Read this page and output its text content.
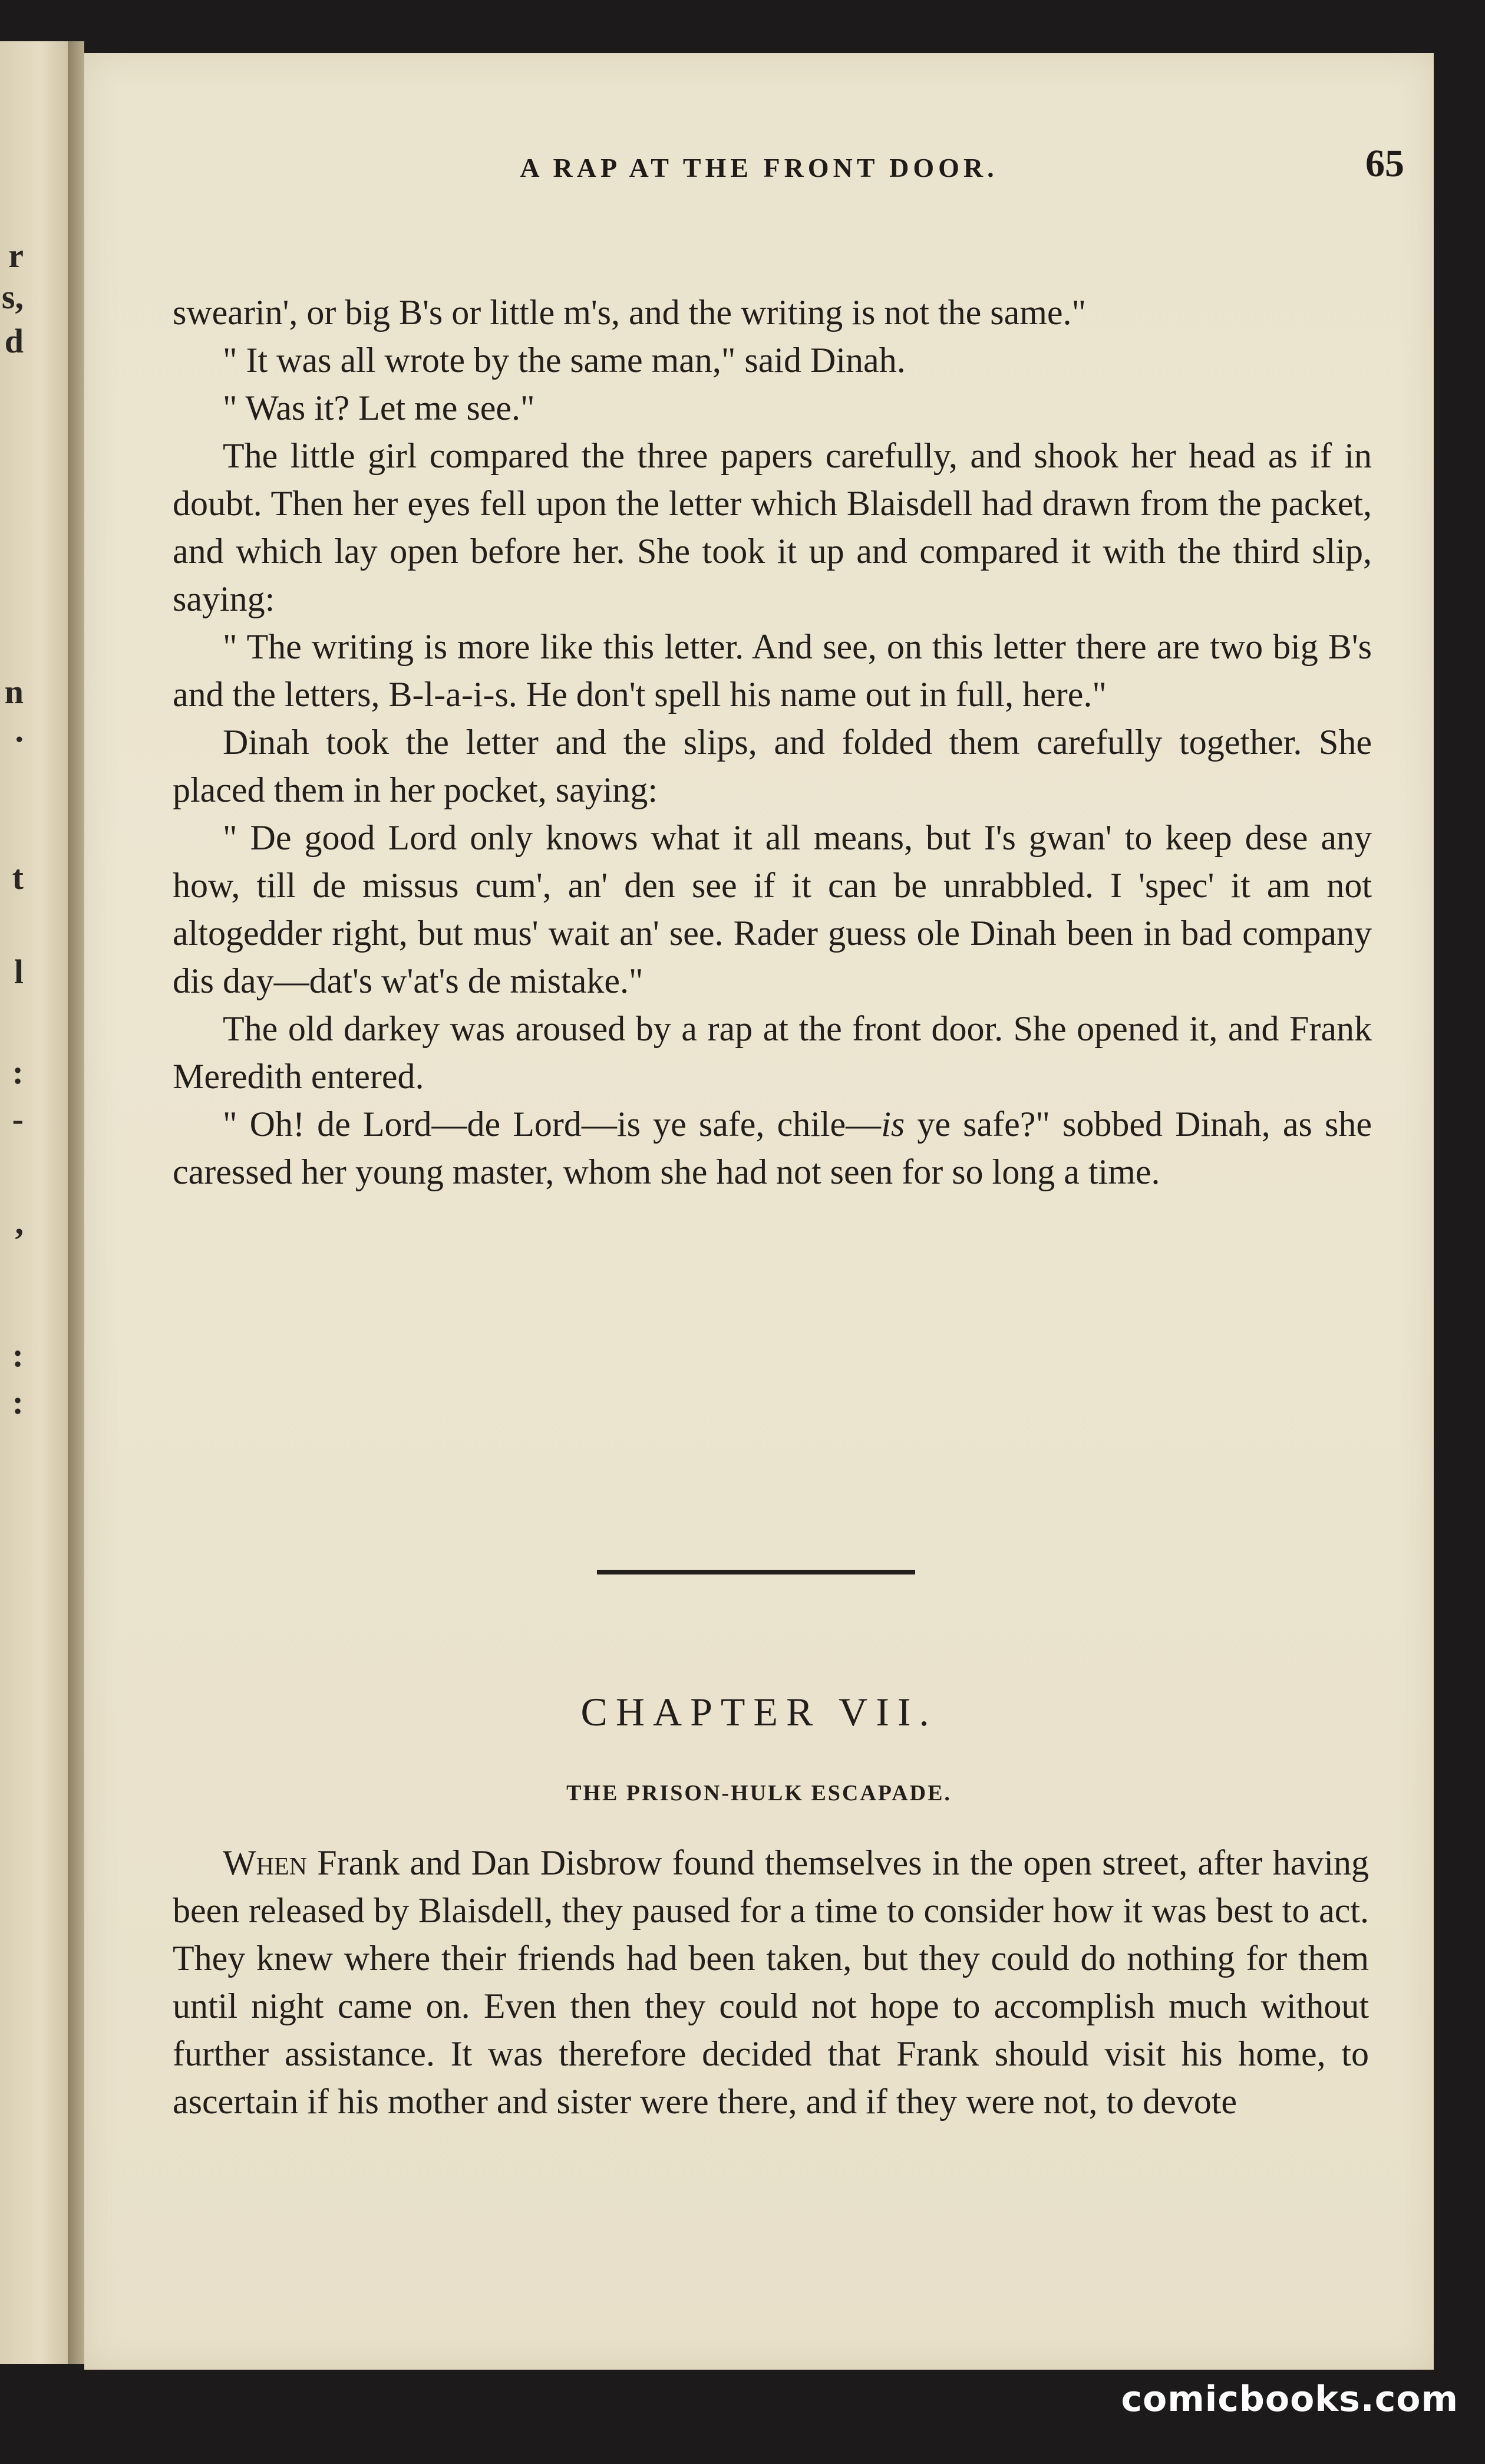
r
s,
d
n
.
t
l
:
-
,
:
:
A RAP AT THE FRONT DOOR.	65

swearin', or big B's or little m's, and the writing is not the same."

" It was all wrote by the same man," said Dinah.

" Was it? Let me see."

The little girl compared the three papers carefully, and shook her head as if in doubt. Then her eyes fell upon the letter which Blaisdell had drawn from the packet, and which lay open before her. She took it up and compared it with the third slip, saying:

" The writing is more like this letter. And see, on this letter there are two big B's and the letters, B-l-a-i-s. He don't spell his name out in full, here."

Dinah took the letter and the slips, and folded them carefully together. She placed them in her pocket, saying:

" De good Lord only knows what it all means, but I's gwan' to keep dese any how, till de missus cum', an' den see if it can be unrabbled. I 'spec' it am not altogedder right, but mus' wait an' see. Rader guess ole Dinah been in bad company dis day—dat's w'at's de mistake."

The old darkey was aroused by a rap at the front door. She opened it, and Frank Meredith entered.

" Oh! de Lord—de Lord—is ye safe, chile—is ye safe?" sobbed Dinah, as she caressed her young master, whom she had not seen for so long a time.

CHAPTER VII.
THE PRISON-HULK ESCAPADE.

When Frank and Dan Disbrow found themselves in the open street, after having been released by Blaisdell, they paused for a time to consider how it was best to act. They knew where their friends had been taken, but they could do nothing for them until night came on. Even then they could not hope to accomplish much without further assistance. It was therefore decided that Frank should visit his home, to ascertain if his mother and sister were there, and if they were not, to devote

comicbooks.com
